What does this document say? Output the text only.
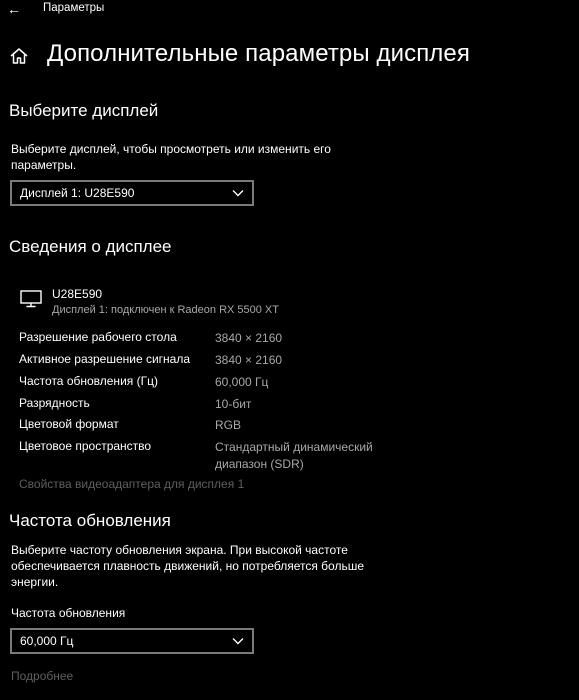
←	Параметры
Дополнительные параметры дисплея
Выберите дисплей
Выберите дисплей, чтобы просмотреть или изменить его параметры.
Дисплей 1: U28E590
Сведения о дисплее
U28E590
Дисплей 1: подключен к Radeon RX 5500 XT
Разрешение рабочего стола	3840 × 2160
Активное разрешение сигнала 3840 × 2160
Частота обновления (Гц)	60,000 Гц
Разрядность	10-бит
Цветовой формат	RGB
Цветовое пространство	Стандартный динамический диапазон (SDR)
Свойства видеоадаптера для дисплея 1
Частота обновления
Выберите частоту обновления экрана. При высокой частоте обеспечивается плавность движений, но потребляется больше энергии.
Частота обновления
60,000 Гц
Подробнее
